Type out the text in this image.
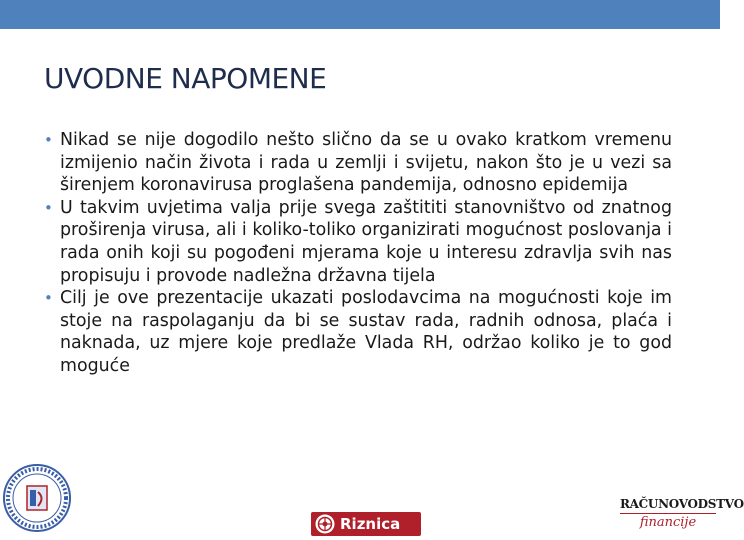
UVODNE NAPOMENE
• Nikad se nije dogodilo nešto slično da se u ovako kratkom vremenu izmijenio način života i rada u zemlji i svijetu, nakon što je u vezi sa širenjem koronavirusa proglašena pandemija, odnosno epidemija
• U takvim uvjetima valja prije svega zaštititi stanovništvo od znatnog proširenja virusa, ali i koliko-toliko organizirati mogućnost poslovanja i rada onih koji su pogođeni mjerama koje u interesu zdravlja svih nas propisuju i provode nadležna državna tijela
• Cilj je ove prezentacije ukazati poslodavcima na mogućnosti koje im stoje na raspolaganju da bi se sustav rada, radnih odnosa, plaća i naknada, uz mjere koje predlaže Vlada RH, održao koliko je to god moguće
Riznica
RAČUNOVODSTVO
financije
